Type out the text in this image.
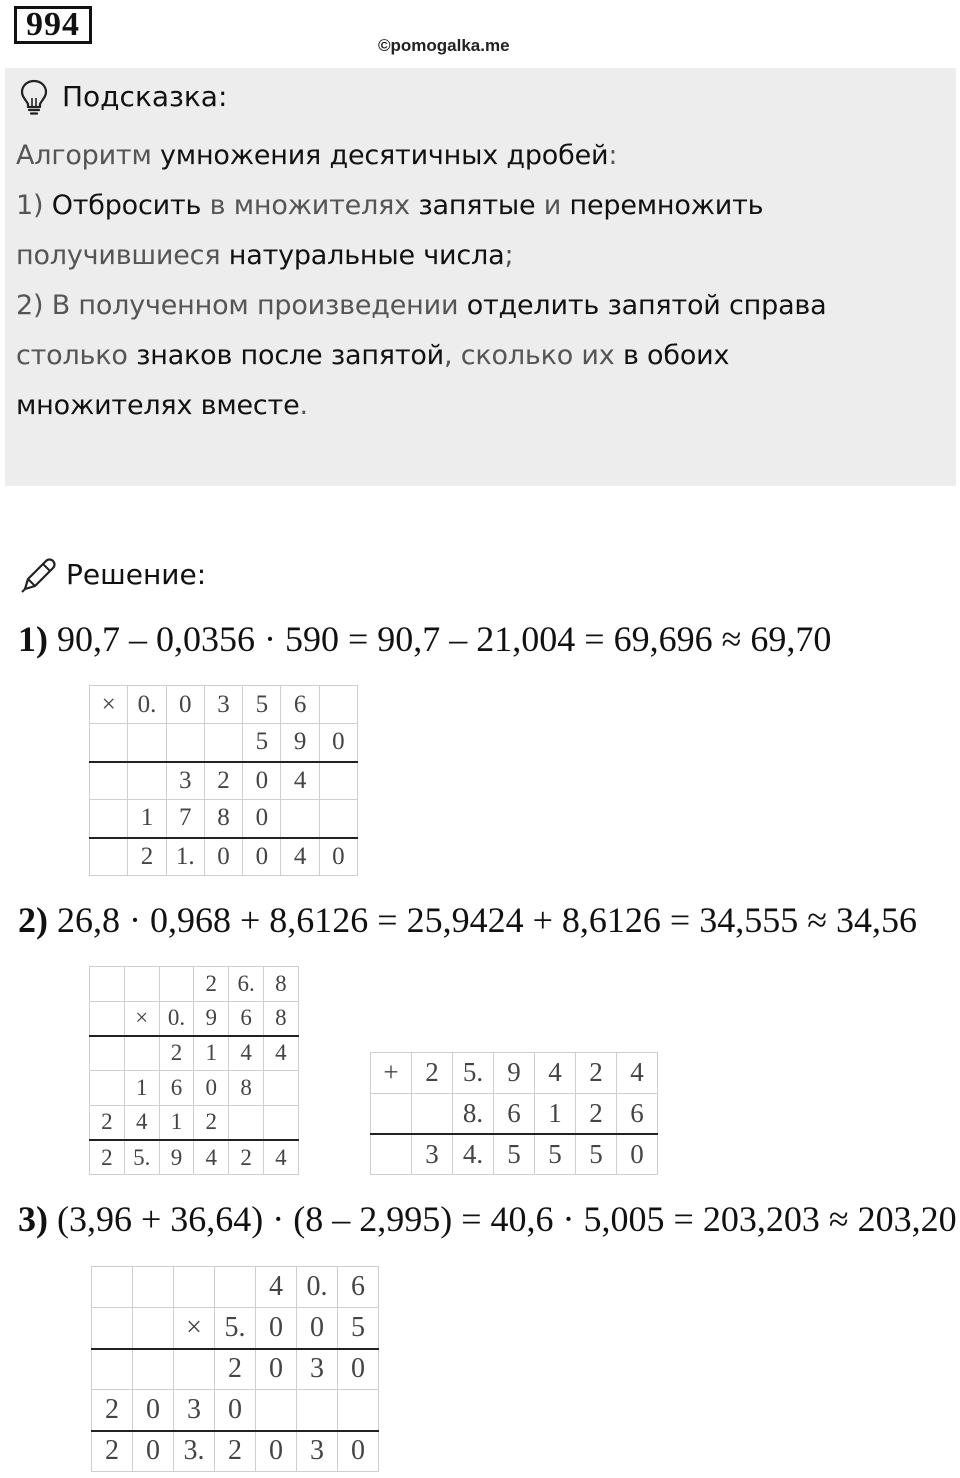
994
©pomogalka.me
Подсказка:
Алгоритм умножения десятичных дробей:
1) Отбросить в множителях запятые и перемножить
получившиеся натуральные числа;
2) В полученном произведении отделить запятой справа
столько знаков после запятой, сколько их в обоих
множителях вместе.
Решение:
1) 90,7 – 0,0356 · 590 = 90,7 – 21,004 = 69,696 ≈ 69,70
2) 26,8 · 0,968 + 8,6126 = 25,9424 + 8,6126 = 34,555 ≈ 34,56
3) (3,96 + 36,64) · (8 – 2,995) = 40,6 · 5,005 = 203,203 ≈ 203,20
×	0.	0	3	5	6	
				5	9	0
		3	2	0	4	
	1	7	8	0		
	2	1.	0	0	4	0
			2	6.	8
	×	0.	9	6	8
		2	1	4	4
	1	6	0	8	
2	4	1	2		
2	5.	9	4	2	4
+	2	5.	9	4	2	4
		8.	6	1	2	6
	3	4.	5	5	5	0
				4	0.	6
		×	5.	0	0	5
			2	0	3	0
2	0	3	0			
2	0	3.	2	0	3	0
